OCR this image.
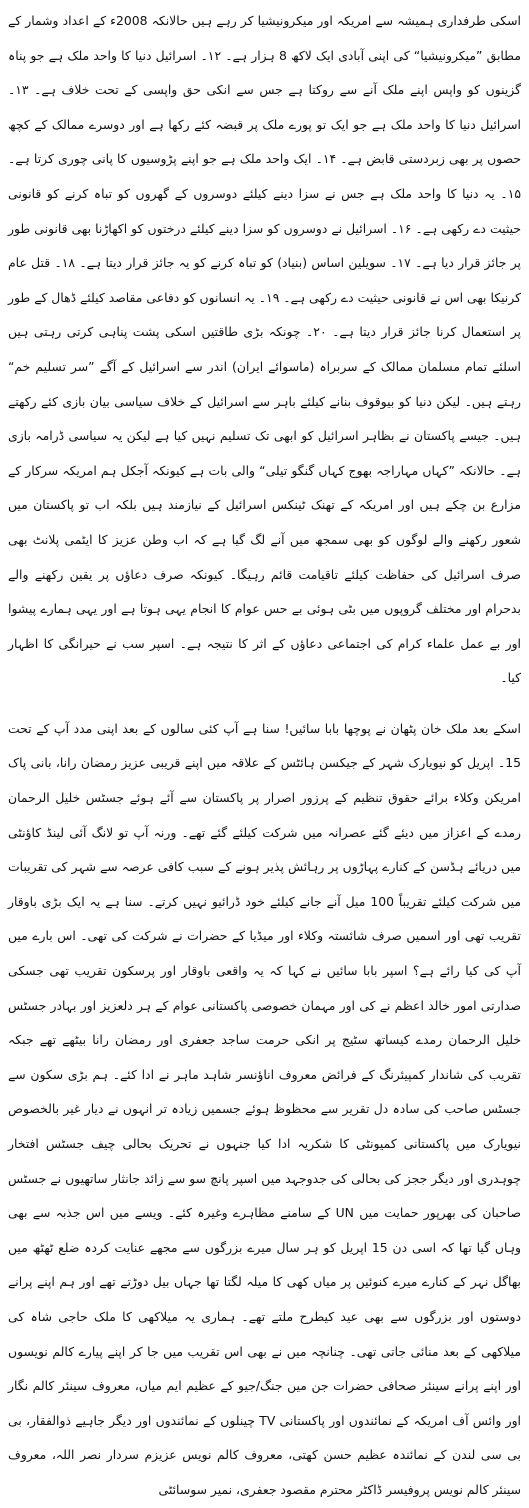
اسکی طرفداری ہمیشہ سے امریکہ اور میکرونیشیا کر رہے ہیں حالانکہ 2008ء کے اعداد وشمار کے مطابق ”میکرونیشیا“ کی اپنی آبادی ایک لاکھ 8 ہزار ہے۔ ۱۲۔ اسرائیل دنیا کا واحد ملک ہے جو پناہ گزینوں کو واپس اپنے ملک آنے سے روکتا ہے جس سے انکی حق واپسی کے تحت خلاف ہے۔ ۱۳۔ اسرائیل دنیا کا واحد ملک ہے جو ایک تو پورے ملک پر قبضہ کئے رکھا ہے اور دوسرے ممالک کے کچھ حصوں پر بھی زبردستی قابض ہے۔ ۱۴۔ ایک واحد ملک ہے جو اپنے پڑوسیوں کا پانی چوری کرتا ہے۔ ۱۵۔ یہ دنیا کا واحد ملک ہے جس نے سزا دینے کیلئے دوسروں کے گھروں کو تباہ کرنے کو قانونی حیثیت دے رکھی ہے۔ ۱۶۔ اسرائیل نے دوسروں کو سزا دینے کیلئے درختوں کو اکھاڑنا بھی قانونی طور پر جائز قرار دیا ہے۔ ۱۷۔ سویلین اساس (بنیاد) کو تباہ کرنے کو یہ جائز قرار دیتا ہے۔ ۱۸۔ قتل عام کرنیکا بھی اس نے قانونی حیثیت دے رکھی ہے۔ ۱۹۔ یہ انسانوں کو دفاعی مقاصد کیلئے ڈھال کے طور پر استعمال کرنا جائز قرار دیتا ہے۔ ۲۰۔ چونکہ بڑی طاقتیں اسکی پشت پناہی کرتی رہتی ہیں اسلئے تمام مسلمان ممالک کے سربراہ (ماسوائے ایران) اندر سے اسرائیل کے آگے ”سر تسلیم خم“ رہتے ہیں۔ لیکن دنیا کو بیوقوف بنانے کیلئے باہر سے اسرائیل کے خلاف سیاسی بیان بازی کئے رکھتے ہیں۔ جیسے پاکستان نے بظاہر اسرائیل کو ابھی تک تسلیم نہیں کیا ہے لیکن یہ سیاسی ڈرامہ بازی ہے۔ حالانکہ ”کہاں مہاراجہ بھوج کہاں گنگو تیلی“ والی بات ہے کیونکہ آجکل ہم امریکہ سرکار کے مزارع بن چکے ہیں اور امریکہ کے تھنک ٹینکس اسرائیل کے نیازمند ہیں بلکہ اب تو پاکستان میں شعور رکھنے والے لوگوں کو بھی سمجھ میں آنے لگ گیا ہے کہ اب وطن عزیز کا ایٹمی پلانٹ بھی صرف اسرائیل کی حفاظت کیلئے تاقیامت قائم رہیگا۔ کیونکہ صرف دعاؤں پر یقین رکھنے والے بدحرام اور مختلف گروپوں میں بٹی ہوئی بے حس عوام کا انجام یہی ہوتا ہے اور یہی ہمارے پیشوا اور بے عمل علماء کرام کی اجتماعی دعاؤں کے اثر کا نتیجہ ہے۔ اسپر سب نے حیرانگی کا اظہار کیا۔

اسکے بعد ملک خان پٹھان نے پوچھا بابا سائیں! سنا ہے آپ کئی سالوں کے بعد اپنی مدد آپ کے تحت 15۔ اپریل کو نیویارک شہر کے جیکسن ہائٹس کے علاقہ میں اپنے قریبی عزیز رمضان رانا، بانی پاک امریکن وکلاء برائے حقوق تنظیم کے پرزور اصرار پر پاکستان سے آئے ہوئے جسٹس خلیل الرحمان رمدے کے اعزاز میں دیئے گئے عصرانہ میں شرکت کیلئے گئے تھے۔ ورنہ آپ تو لانگ آئی لینڈ کاؤنٹی میں دریائے ہڈسن کے کنارے پہاڑوں پر رہائش پذیر ہونے کے سبب کافی عرصہ سے شہر کی تقریبات میں شرکت کیلئے تقریباً 100 میل آنے جانے کیلئے خود ڈرائیو نہیں کرتے۔ سنا ہے یہ ایک بڑی باوقار تقریب تھی اور اسمیں صرف شائستہ وکلاء اور میڈیا کے حضرات نے شرکت کی تھی۔ اس بارے میں آپ کی کیا رائے ہے؟ اسپر بابا سائیں نے کہا کہ یہ واقعی باوقار اور پرسکون تقریب تھی جسکی صدارتی امور خالد اعظم نے کی اور مہمان خصوصی پاکستانی عوام کے ہر دلعزیز اور بہادر جسٹس خلیل الرحمان رمدے کیساتھ سٹیج پر انکی حرمت ساجد جعفری اور رمضان رانا بیٹھے تھے جبکہ تقریب کی شاندار کمپیئرنگ کے فرائض معروف اناؤنسر شاہد ماہر نے ادا کئے۔ ہم بڑی سکون سے جسٹس صاحب کی سادہ دل تقریر سے محظوظ ہوئے جسمیں زیادہ تر انہوں نے دیار غیر بالخصوص نیویارک میں پاکستانی کمیونٹی کا شکریہ ادا کیا جنہوں نے تحریک بحالی چیف جسٹس افتخار چوہدری اور دیگر ججز کی بحالی کی جدوجہد میں اسپر پانچ سو سے زائد جانثار ساتھیوں نے جسٹس صاحبان کی بھرپور حمایت میں UN کے سامنے مظاہرے وغیرہ کئے۔ ویسے میں اس جذبہ سے بھی وہاں گیا تھا کہ اسی دن 15 اپریل کو ہر سال میرے بزرگوں سے مجھے عنایت کردہ ضلع ٹھٹھ میں بھاگل نہر کے کنارے میرے کنوئیں پر میاں کھی کا میلہ لگتا تھا جہاں بیل دوڑتے تھے اور ہم اپنے پرانے دوستوں اور بزرگوں سے بھی عید کیطرح ملتے تھے۔ ہماری یہ میلاکھی کا ملک حاجی شاہ کی میلاکھی کے بعد منائی جاتی تھی۔ چنانچہ میں نے بھی اس تقریب میں جا کر اپنے پیارے کالم نویسوں اور اپنے پرانے سینئر صحافی حضرات جن میں جنگ/جیو کے عظیم ایم میاں، معروف سینئر کالم نگار اور وائس آف امریکہ کے نمائندوں اور پاکستانی TV چینلوں کے نمائندوں اور دیگر جاہیے ذوالفقار، بی بی سی لندن کے نمائندہ عظیم حسن کھتی، معروف کالم نویس عزیزم سردار نصر اللہ، معروف سینئر کالم نویس پروفیسر ڈاکٹر محترم مقصود جعفری، نمیر سوسائٹی
